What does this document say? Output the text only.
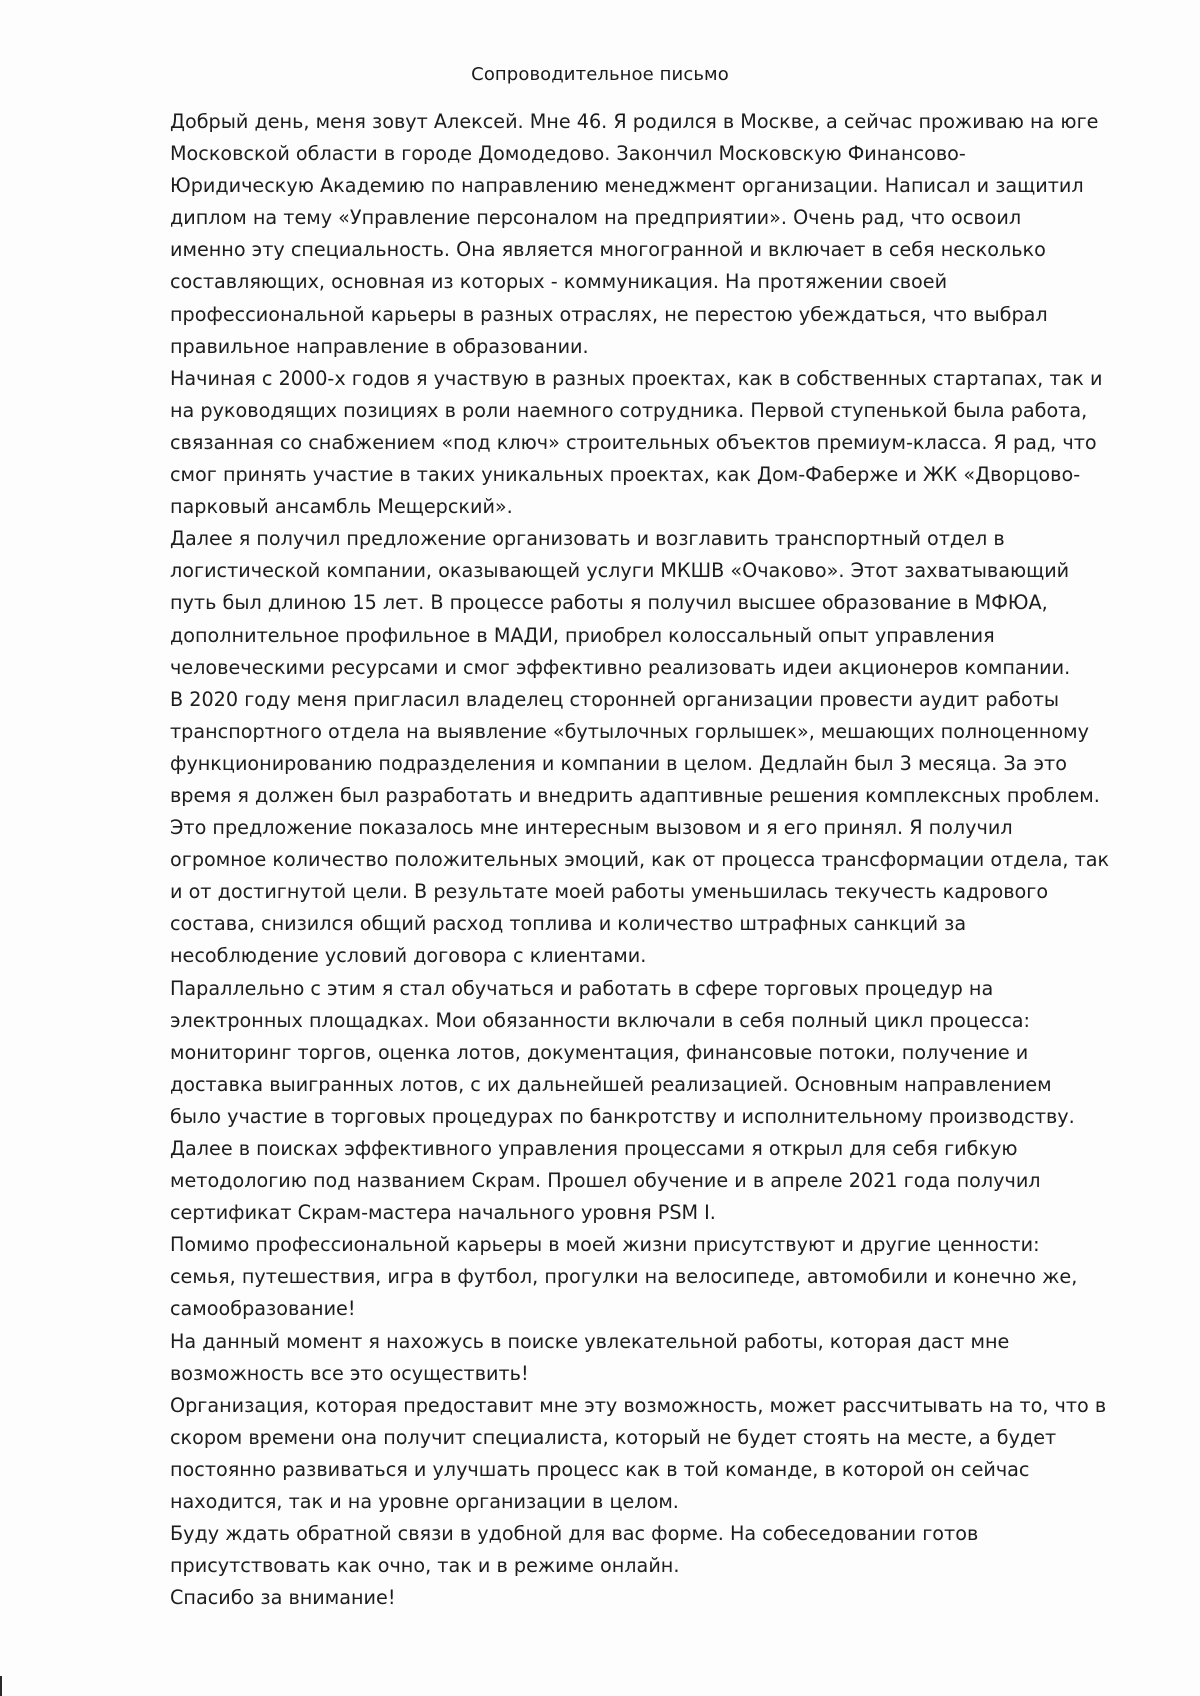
Сопроводительное письмо
Добрый день, меня зовут Алексей. Мне 46. Я родился в Москве, а сейчас проживаю на юге
Московской области в городе Домодедово. Закончил Московскую Финансово-
Юридическую Академию по направлению менеджмент организации. Написал и защитил
диплом на тему «Управление персоналом на предприятии». Очень рад, что освоил
именно эту специальность. Она является многогранной и включает в себя несколько
составляющих, основная из которых - коммуникация. На протяжении своей
профессиональной карьеры в разных отраслях, не перестою убеждаться, что выбрал
правильное направление в образовании.
Начиная с 2000-х годов я участвую в разных проектах, как в собственных стартапах, так и
на руководящих позициях в роли наемного сотрудника. Первой ступенькой была работа,
связанная со снабжением «под ключ» строительных объектов премиум-класса. Я рад, что
смог принять участие в таких уникальных проектах, как Дом-Фаберже и ЖК «Дворцово-
парковый ансамбль Мещерский».
Далее я получил предложение организовать и возглавить транспортный отдел в
логистической компании, оказывающей услуги МКШВ «Очаково». Этот захватывающий
путь был длиною 15 лет. В процессе работы я получил высшее образование в МФЮА,
дополнительное профильное в МАДИ, приобрел колоссальный опыт управления
человеческими ресурсами и смог эффективно реализовать идеи акционеров компании.
В 2020 году меня пригласил владелец сторонней организации провести аудит работы
транспортного отдела на выявление «бутылочных горлышек», мешающих полноценному
функционированию подразделения и компании в целом. Дедлайн был 3 месяца. За это
время я должен был разработать и внедрить адаптивные решения комплексных проблем.
Это предложение показалось мне интересным вызовом и я его принял. Я получил
огромное количество положительных эмоций, как от процесса трансформации отдела, так
и от достигнутой цели. В результате моей работы уменьшилась текучесть кадрового
состава, снизился общий расход топлива и количество штрафных санкций за
несоблюдение условий договора с клиентами.
Параллельно с этим я стал обучаться и работать в сфере торговых процедур на
электронных площадках. Мои обязанности включали в себя полный цикл процесса:
мониторинг торгов, оценка лотов, документация, финансовые потоки, получение и
доставка выигранных лотов, с их дальнейшей реализацией. Основным направлением
было участие в торговых процедурах по банкротству и исполнительному производству.
Далее в поисках эффективного управления процессами я открыл для себя гибкую
методологию под названием Скрам. Прошел обучение и в апреле 2021 года получил
сертификат Скрам-мастера начального уровня PSM I.
Помимо профессиональной карьеры в моей жизни присутствуют и другие ценности:
семья, путешествия, игра в футбол, прогулки на велосипеде, автомобили и конечно же,
самообразование!
На данный момент я нахожусь в поиске увлекательной работы, которая даст мне
возможность все это осуществить!
Организация, которая предоставит мне эту возможность, может рассчитывать на то, что в
скором времени она получит специалиста, который не будет стоять на месте, а будет
постоянно развиваться и улучшать процесс как в той команде, в которой он сейчас
находится, так и на уровне организации в целом.
Буду ждать обратной связи в удобной для вас форме. На собеседовании готов
присутствовать как очно, так и в режиме онлайн.
Спасибо за внимание!
